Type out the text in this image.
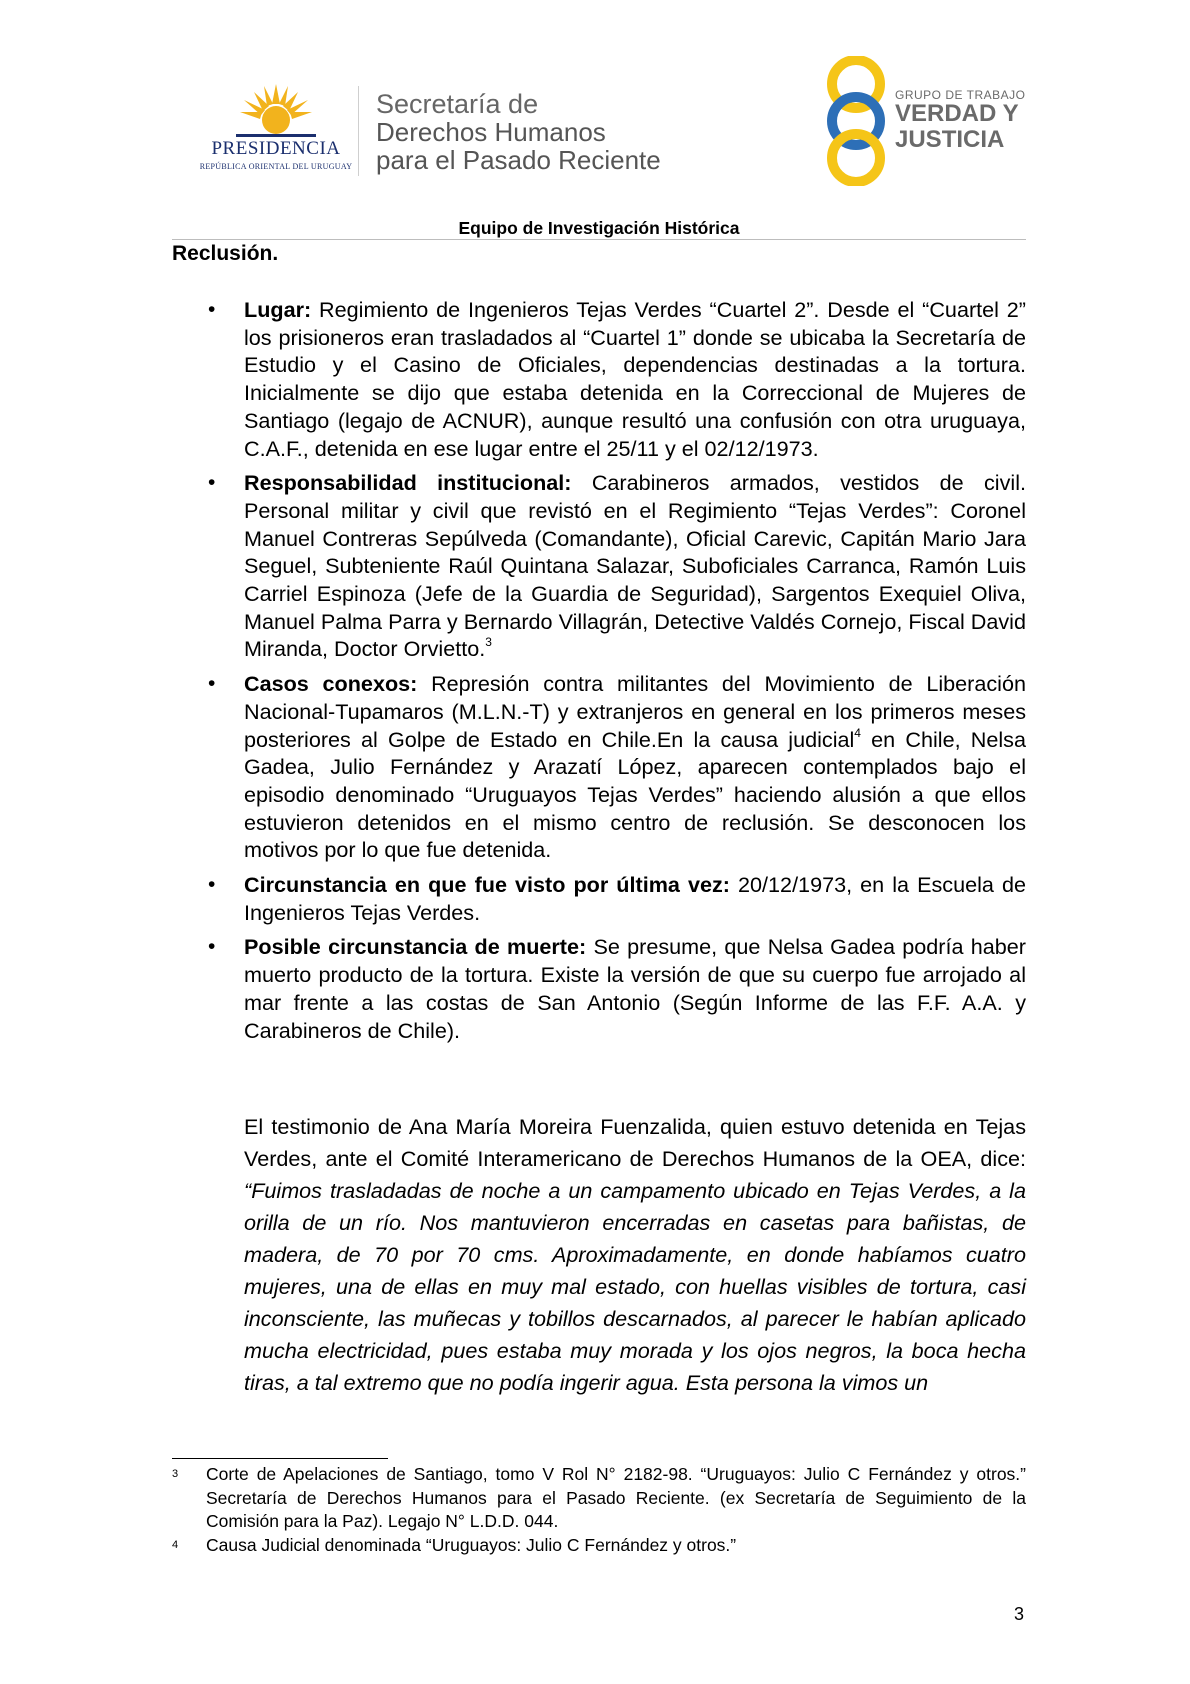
PRESIDENCIA
REPÚBLICA ORIENTAL DEL URUGUAY
Secretaría de
Derechos Humanos
para el Pasado Reciente
GRUPO DE TRABAJO
VERDAD Y
JUSTICIA
Equipo de Investigación Histórica
Reclusión.
• Lugar: Regimiento de Ingenieros Tejas Verdes “Cuartel 2”. Desde el “Cuartel 2” los prisioneros eran trasladados al “Cuartel 1” donde se ubicaba la Secretaría de Estudio y el Casino de Oficiales, dependencias destinadas a la tortura. Inicialmente se dijo que estaba detenida en la Correccional de Mujeres de Santiago (legajo de ACNUR), aunque resultó una confusión con otra uruguaya, C.A.F., detenida en ese lugar entre el 25/11 y el 02/12/1973.
• Responsabilidad institucional: Carabineros armados, vestidos de civil. Personal militar y civil que revistó en el Regimiento “Tejas Verdes”: Coronel Manuel Contreras Sepúlveda (Comandante), Oficial Carevic, Capitán Mario Jara Seguel, Subteniente Raúl Quintana Salazar, Suboficiales Carranca, Ramón Luis Carriel Espinoza (Jefe de la Guardia de Seguridad), Sargentos Exequiel Oliva, Manuel Palma Parra y Bernardo Villagrán, Detective Valdés Cornejo, Fiscal David Miranda, Doctor Orvietto.$^3$
• Casos conexos: Represión contra militantes del Movimiento de Liberación Nacional-Tupamaros (M.L.N.-T) y extranjeros en general en los primeros meses posteriores al Golpe de Estado en Chile.En la causa judicial$^4$ en Chile, Nelsa Gadea, Julio Fernández y Arazatí López, aparecen contemplados bajo el episodio denominado “Uruguayos Tejas Verdes” haciendo alusión a que ellos estuvieron detenidos en el mismo centro de reclusión. Se desconocen los motivos por lo que fue detenida.
• Circunstancia en que fue visto por última vez: 20/12/1973, en la Escuela de Ingenieros Tejas Verdes.
• Posible circunstancia de muerte: Se presume, que Nelsa Gadea podría haber muerto producto de la tortura. Existe la versión de que su cuerpo fue arrojado al mar frente a las costas de San Antonio (Según Informe de las F.F. A.A. y Carabineros de Chile).
El testimonio de Ana María Moreira Fuenzalida, quien estuvo detenida en Tejas Verdes, ante el Comité Interamericano de Derechos Humanos de la OEA, dice: “Fuimos trasladadas de noche a un campamento ubicado en Tejas Verdes, a la orilla de un río. Nos mantuvieron encerradas en casetas para bañistas, de madera, de 70 por 70 cms. Aproximadamente, en donde habíamos cuatro mujeres, una de ellas en muy mal estado, con huellas visibles de tortura, casi inconsciente, las muñecas y tobillos descarnados, al parecer le habían aplicado mucha electricidad, pues estaba muy morada y los ojos negros, la boca hecha tiras, a tal extremo que no podía ingerir agua. Esta persona la vimos un
3 Corte de Apelaciones de Santiago, tomo V Rol N° 2182-98. “Uruguayos: Julio C Fernández y otros.” Secretaría de Derechos Humanos para el Pasado Reciente. (ex Secretaría de Seguimiento de la Comisión para la Paz). Legajo N° L.D.D. 044.
4 Causa Judicial denominada “Uruguayos: Julio C Fernández y otros.”
3
